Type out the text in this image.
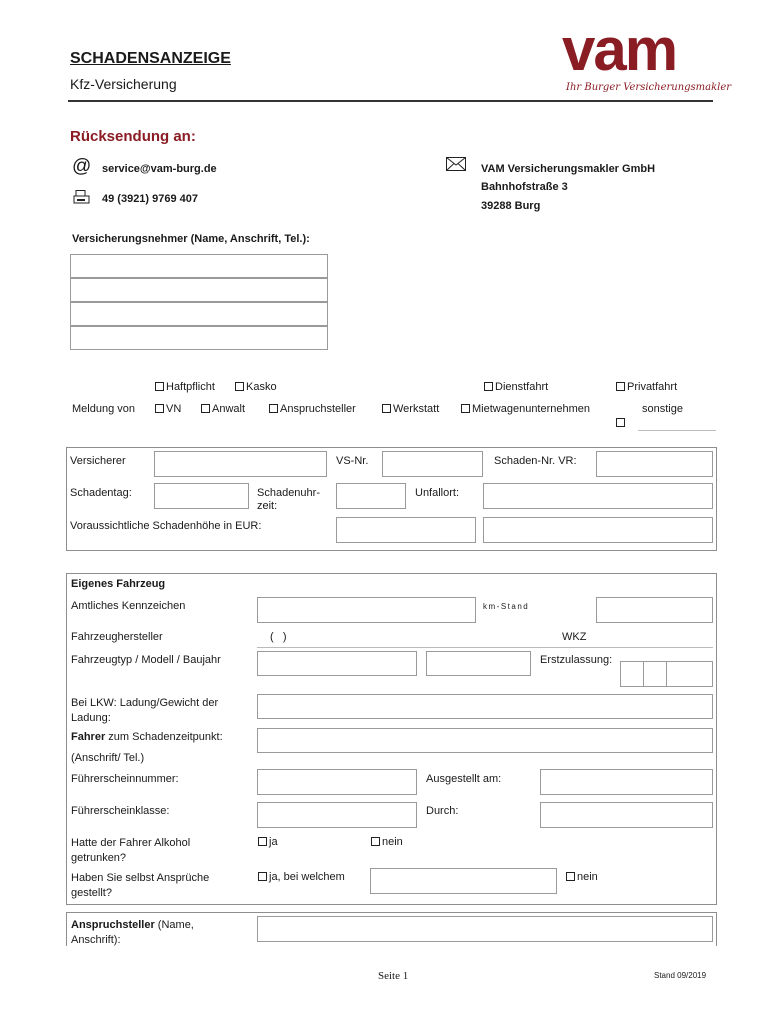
SCHADENSANZEIGE
Kfz-Versicherung
vam
Ihr Burger Versicherungsmakler
Rücksendung an:
@ service@vam-burg.de
49 (3921) 9769 407
VAM Versicherungsmakler GmbH
Bahnhofstraße 3
39288 Burg
Versicherungsnehmer (Name, Anschrift, Tel.):
Haftpflicht	Kasko	Dienstfahrt	Privatfahrt
Meldung von	VN	Anwalt	Anspruchsteller	Werkstatt	Mietwagenunternehmen	sonstige
Versicherer	VS-Nr.	Schaden-Nr. VR:
Schadentag:	Schadenuhr-
zeit:
Unfallort:
Voraussichtliche Schadenhöhe in EUR:
Eigenes Fahrzeug
Amtliches Kennzeichen	km-Stand
Fahrzeughersteller	(   )	WKZ
Fahrzeugtyp / Modell / Baujahr	Erstzulassung:
Bei LKW: Ladung/Gewicht der Ladung:
Fahrer zum Schadenzeitpunkt:
(Anschrift/ Tel.)
Führerscheinnummer:	Ausgestellt am:
Führerscheinklasse:	Durch:
Hatte der Fahrer Alkohol getrunken?
ja	nein
Haben Sie selbst Ansprüche gestellt?
ja, bei welchem	nein
Anspruchsteller (Name, Anschrift):
Seite 1	Stand 09/2019
